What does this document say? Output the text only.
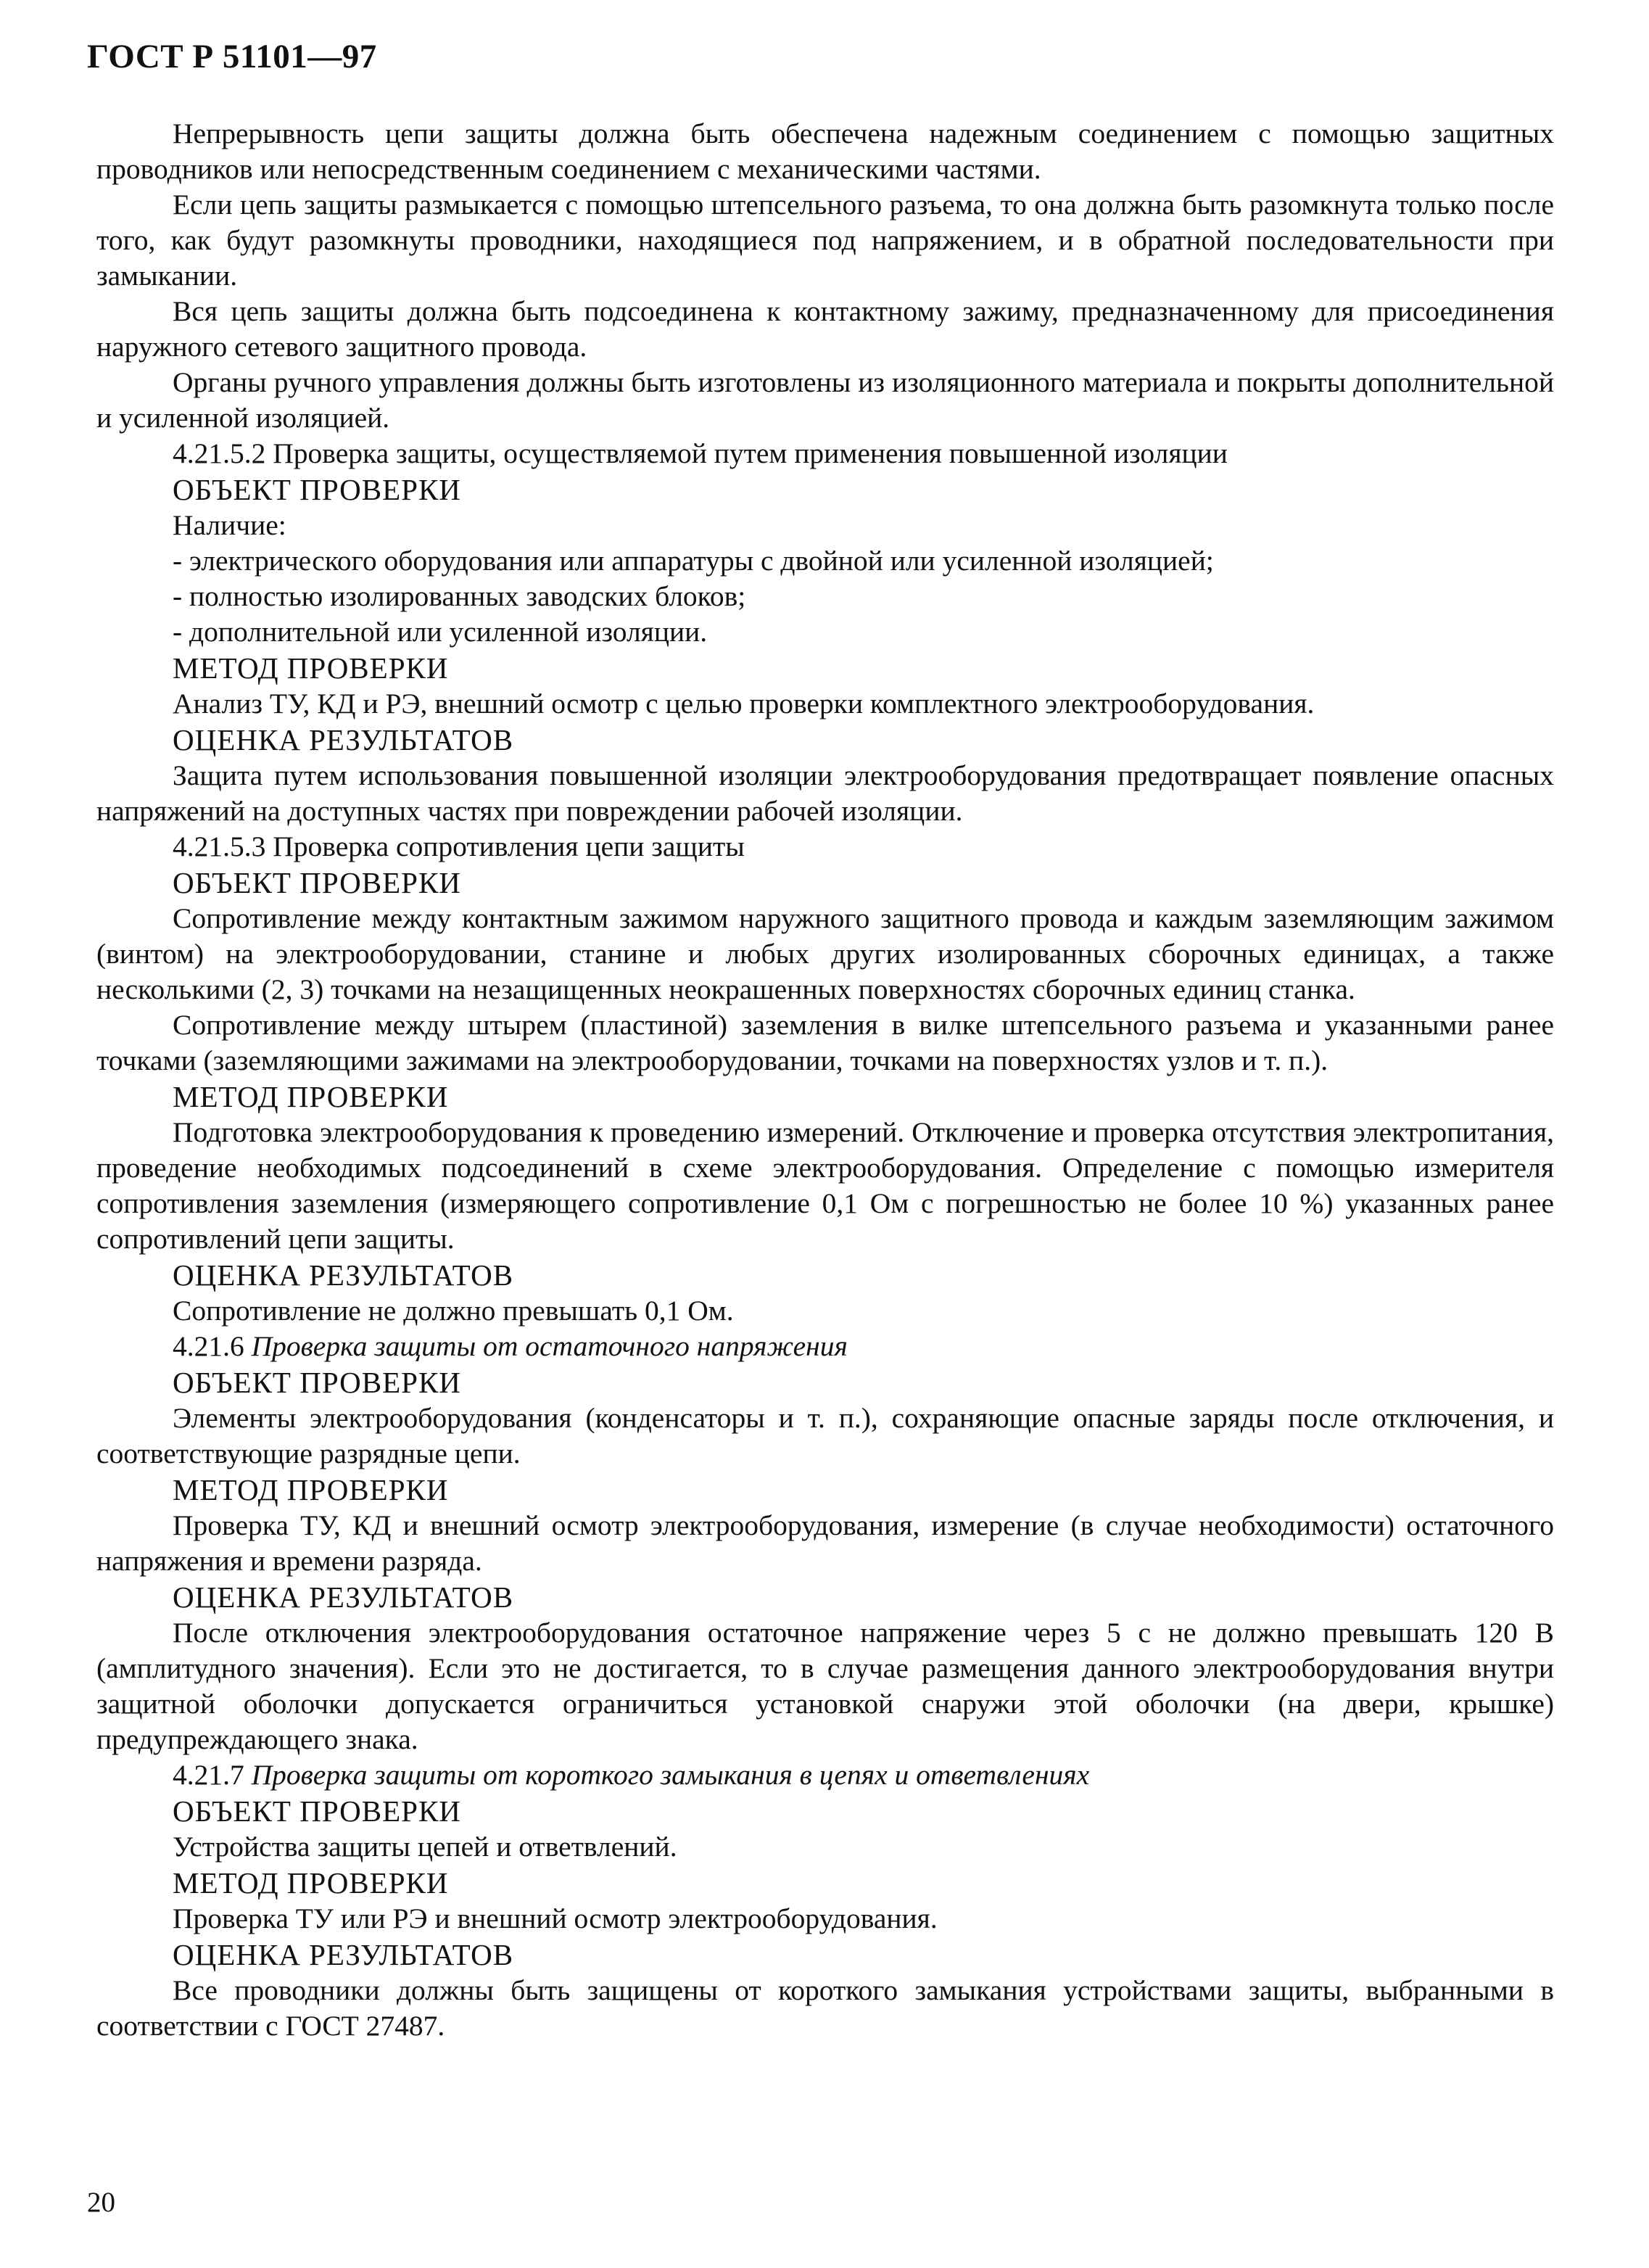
ГОСТ Р 51101—97

Непрерывность цепи защиты должна быть обеспечена надежным соединением с помощью защитных проводников или непосредственным соединением с механическими частями.

Если цепь защиты размыкается с помощью штепсельного разъема, то она должна быть разомкнута только после того, как будут разомкнуты проводники, находящиеся под напряжением, и в обратной последовательности при замыкании.

Вся цепь защиты должна быть подсоединена к контактному зажиму, предназначенному для присоединения наружного сетевого защитного провода.

Органы ручного управления должны быть изготовлены из изоляционного материала и покрыты дополнительной и усиленной изоляцией.

4.21.5.2 Проверка защиты, осуществляемой путем применения повышенной изоляции
ОБЪЕКТ ПРОВЕРКИ
Наличие:
- электрического оборудования или аппаратуры с двойной или усиленной изоляцией;
- полностью изолированных заводских блоков;
- дополнительной или усиленной изоляции.
МЕТОД ПРОВЕРКИ
Анализ ТУ, КД и РЭ, внешний осмотр с целью проверки комплектного электрооборудования.
ОЦЕНКА РЕЗУЛЬТАТОВ

Защита путем использования повышенной изоляции электрооборудования предотвращает появление опасных напряжений на доступных частях при повреждении рабочей изоляции.

4.21.5.3 Проверка сопротивления цепи защиты
ОБЪЕКТ ПРОВЕРКИ

Сопротивление между контактным зажимом наружного защитного провода и каждым заземляющим зажимом (винтом) на электрооборудовании, станине и любых других изолированных сборочных единицах, а также несколькими (2, 3) точками на незащищенных неокрашенных поверхностях сборочных единиц станка.

Сопротивление между штырем (пластиной) заземления в вилке штепсельного разъема и указанными ранее точками (заземляющими зажимами на электрооборудовании, точками на поверхностях узлов и т. п.).

МЕТОД ПРОВЕРКИ

Подготовка электрооборудования к проведению измерений. Отключение и проверка отсутствия электропитания, проведение необходимых подсоединений в схеме электрооборудования. Определение с помощью измерителя сопротивления заземления (измеряющего сопротивление 0,1 Ом с погрешностью не более 10 %) указанных ранее сопротивлений цепи защиты.

ОЦЕНКА РЕЗУЛЬТАТОВ
Сопротивление не должно превышать 0,1 Ом.
4.21.6 Проверка защиты от остаточного напряжения
ОБЪЕКТ ПРОВЕРКИ

Элементы электрооборудования (конденсаторы и т. п.), сохраняющие опасные заряды после отключения, и соответствующие разрядные цепи.

МЕТОД ПРОВЕРКИ

Проверка ТУ, КД и внешний осмотр электрооборудования, измерение (в случае необходимости) остаточного напряжения и времени разряда.

ОЦЕНКА РЕЗУЛЬТАТОВ

После отключения электрооборудования остаточное напряжение через 5 с не должно превышать 120 В (амплитудного значения). Если это не достигается, то в случае размещения данного электрооборудования внутри защитной оболочки допускается ограничиться установкой снаружи этой оболочки (на двери, крышке) предупреждающего знака.

4.21.7 Проверка защиты от короткого замыкания в цепях и ответвлениях
ОБЪЕКТ ПРОВЕРКИ
Устройства защиты цепей и ответвлений.
МЕТОД ПРОВЕРКИ
Проверка ТУ или РЭ и внешний осмотр электрооборудования.
ОЦЕНКА РЕЗУЛЬТАТОВ

Все проводники должны быть защищены от короткого замыкания устройствами защиты, выбранными в соответствии с ГОСТ 27487.

20
